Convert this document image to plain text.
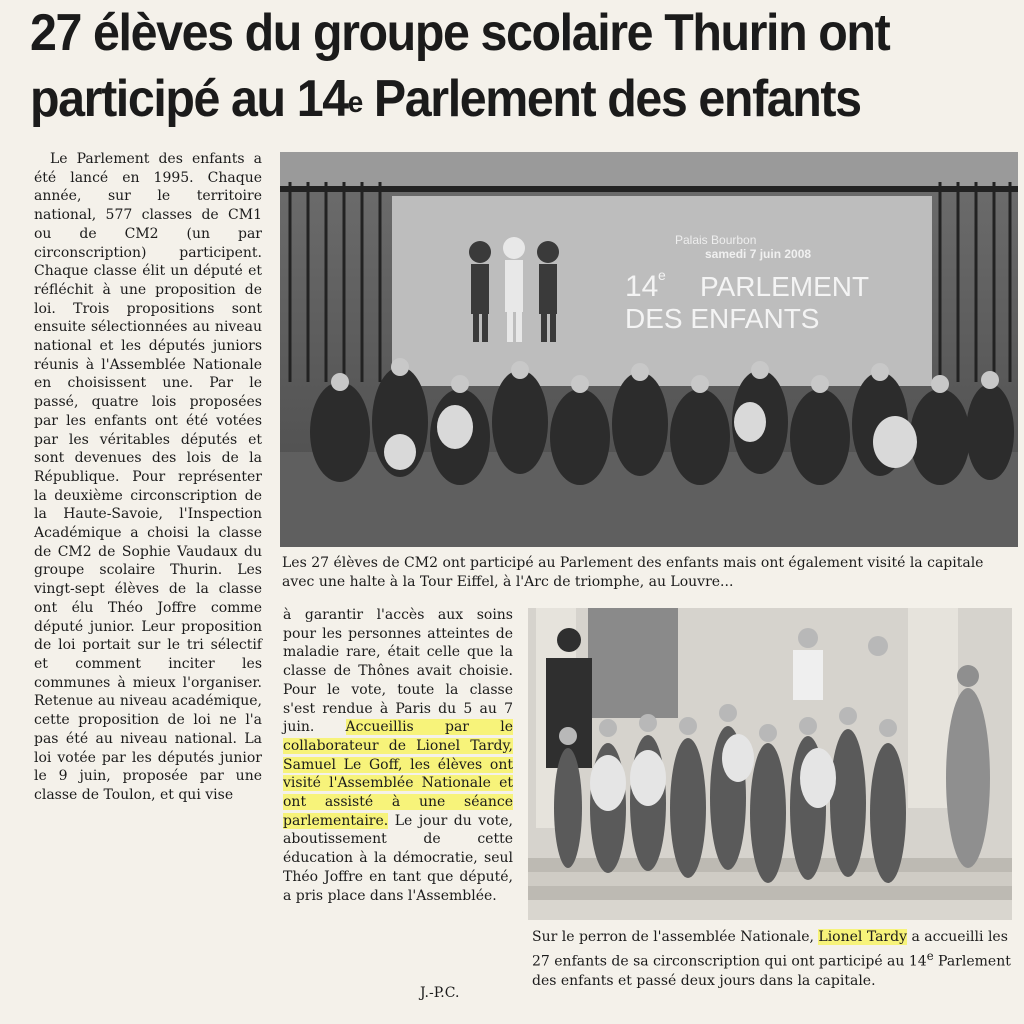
27 élèves du groupe scolaire Thurin ont
participé au 14e Parlement des enfants

Le Parlement des enfants a été lancé en 1995. Chaque année, sur le territoire national, 577 classes de CM1 ou de CM2 (un par circonscription) participent. Chaque classe élit un député et réfléchit à une proposition de loi. Trois propositions sont ensuite sélectionnées au niveau national et les députés juniors réunis à l'Assemblée Nationale en choisissent une. Par le passé, quatre lois proposées par les enfants ont été votées par les véritables députés et sont devenues des lois de la République. Pour représenter la deuxième circonscription de la Haute-Savoie, l'Inspection Académique a choisi la classe de CM2 de Sophie Vaudaux du groupe scolaire Thurin. Les vingt-sept élèves de la classe ont élu Théo Joffre comme député junior. Leur proposition de loi portait sur le tri sélectif et comment inciter les communes à mieux l'organiser. Retenue au niveau académique, cette proposition de loi ne l'a pas été au niveau national. La loi votée par les députés junior le 9 juin, proposée par une classe de Toulon, et qui vise

Palais Bourbon
samedi 7 juin 2008
14 e PARLEMENT
DES ENFANTS
Les 27 élèves de CM2 ont participé au Parlement des enfants mais ont également visité la capitale avec une halte à la Tour Eiffel, à l'Arc de triomphe, au Louvre...

à garantir l'accès aux soins pour les personnes atteintes de maladie rare, était celle que la classe de Thônes avait choisie. Pour le vote, toute la classe s'est rendue à Paris du 5 au 7 juin. Accueillis par le collaborateur de Lionel Tardy, Samuel Le Goff, les élèves ont visité l'Assemblée Nationale et ont assisté à une séance parlementaire. Le jour du vote, aboutissement de cette éducation à la démocratie, seul Théo Joffre en tant que député, a pris place dans l'Assemblée.

J.-P.C.
Sur le perron de l'assemblée Nationale, Lionel Tardy a accueilli les 27 enfants de sa circonscription qui ont participé au 14e Parlement des enfants et passé deux jours dans la capitale.
